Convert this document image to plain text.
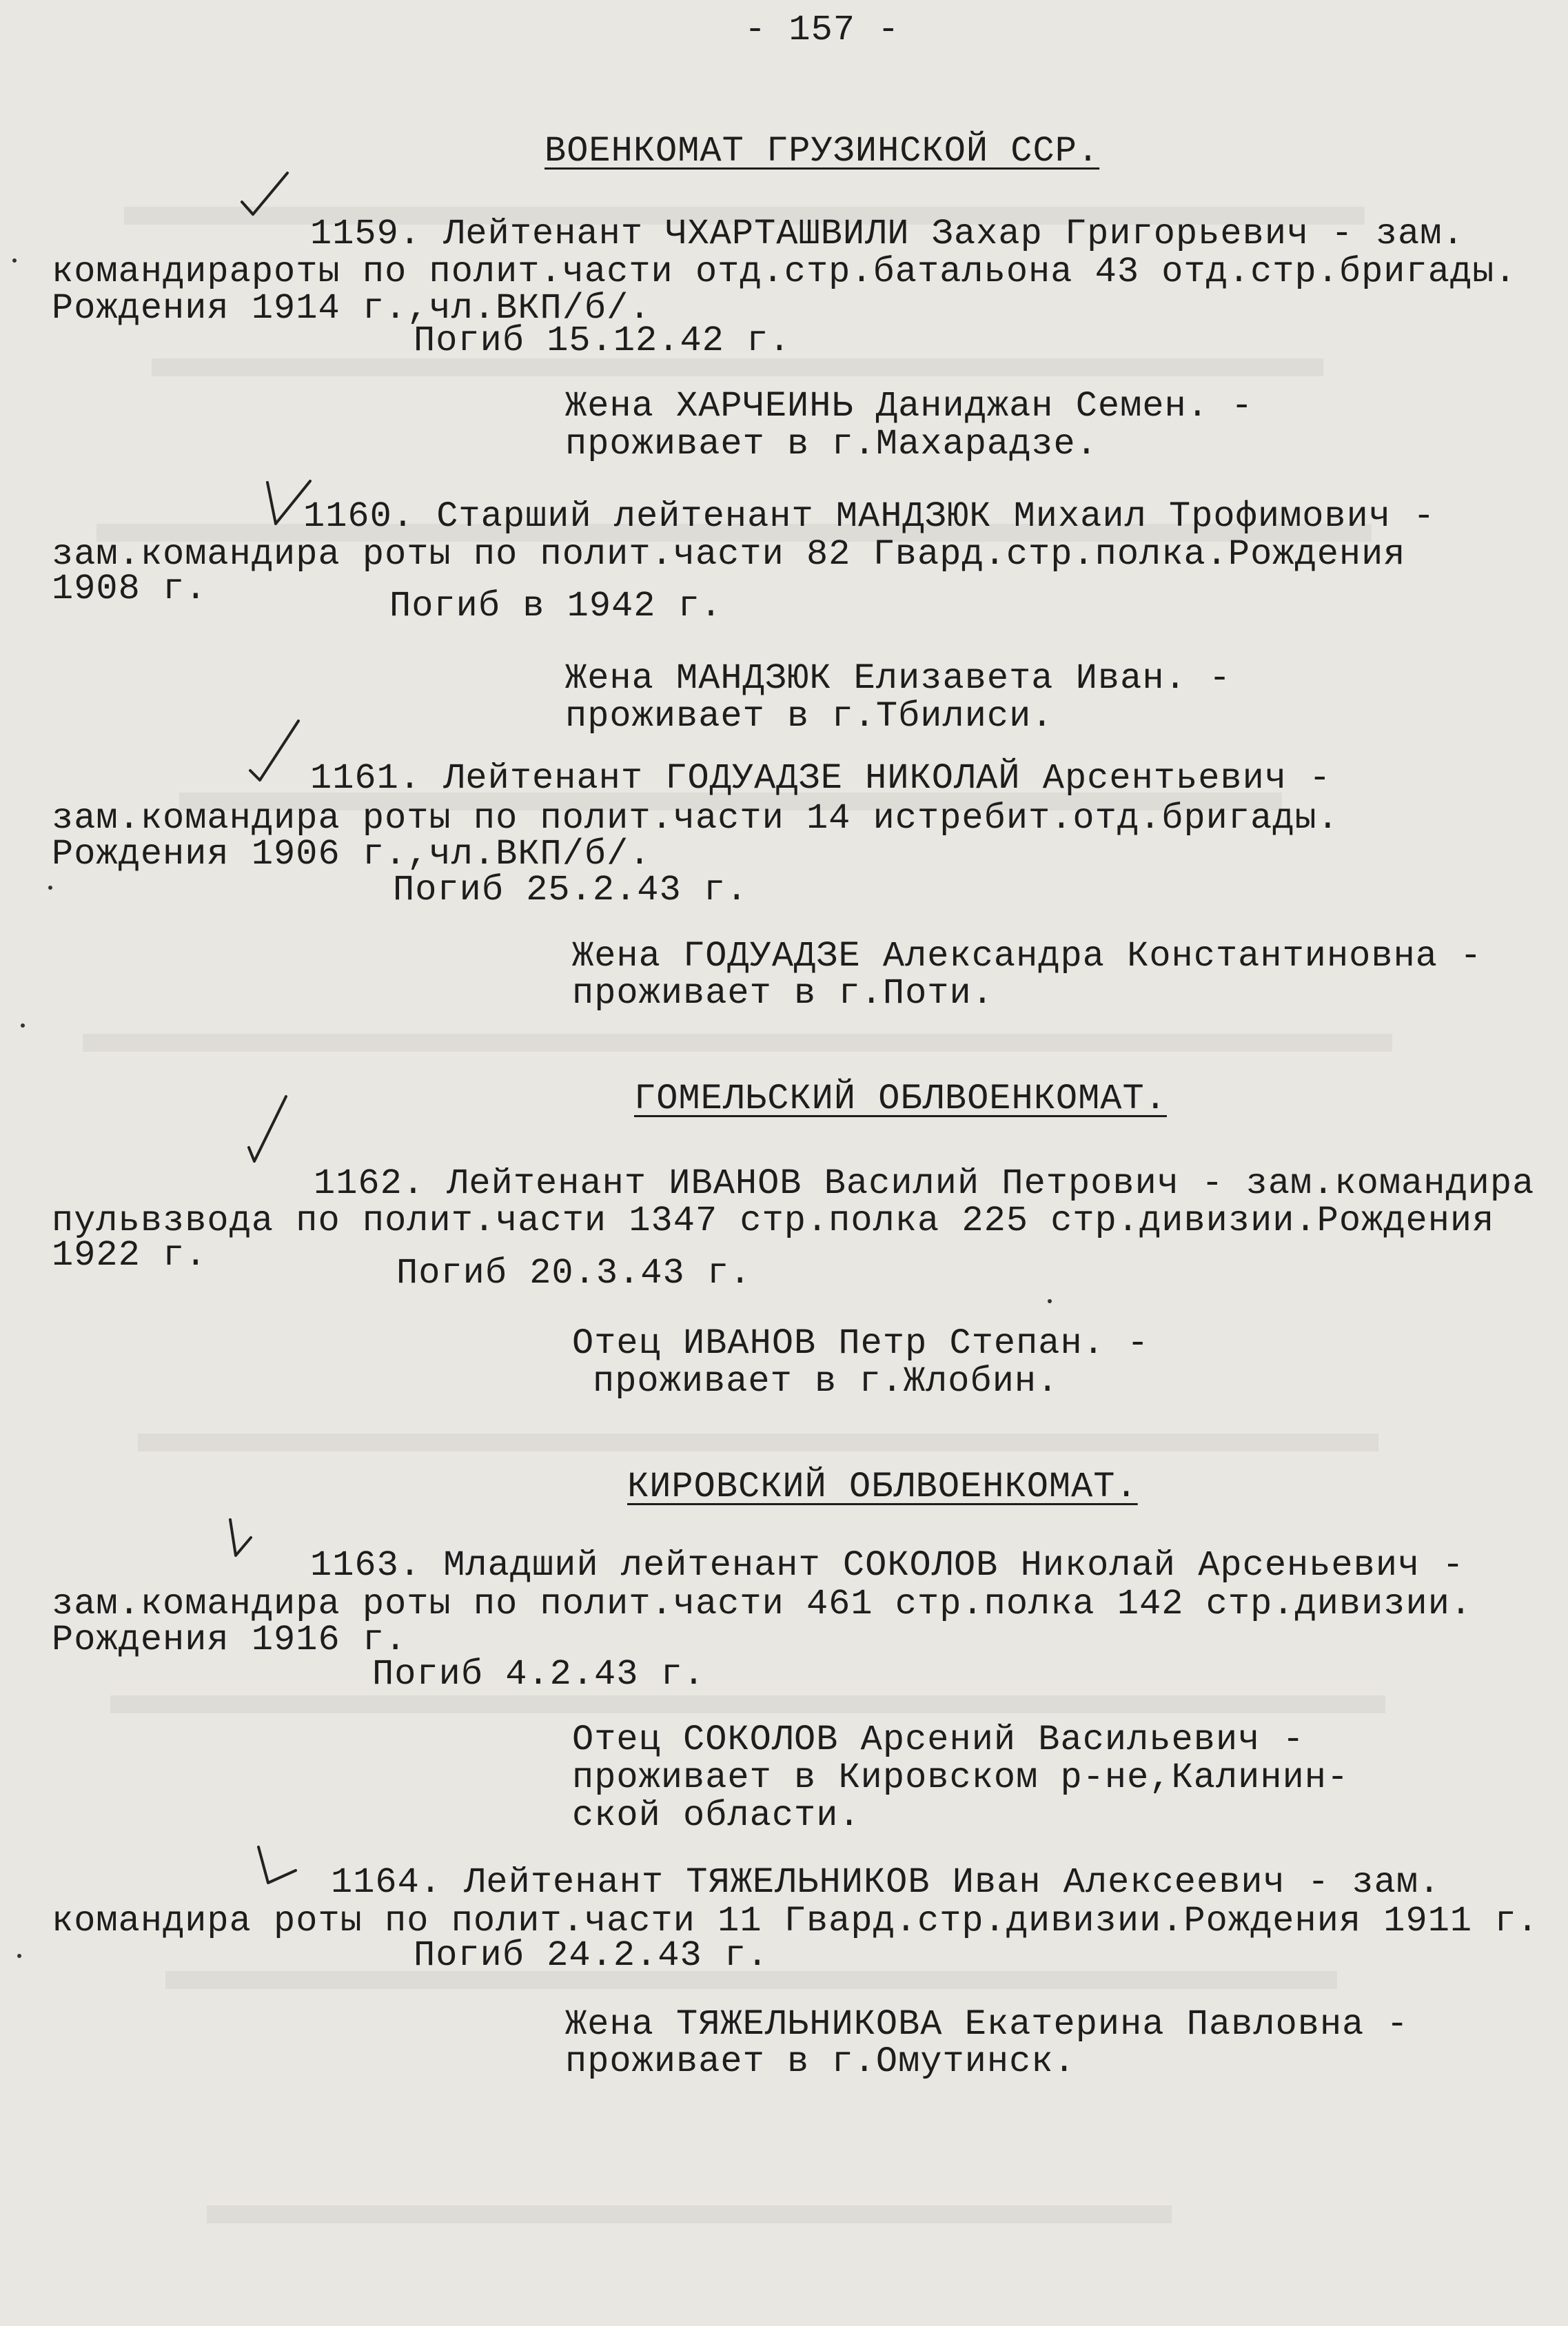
- 157 -

ВОЕНКОМАТ ГРУЗИНСКОЙ ССР.

1159. Лейтенант ЧХАРТАШВИЛИ Захар Григорьевич - зам.

командирароты по полит.части отд.стр.батальона 43 отд.стр.бригады.

Рождения 1914 г.,чл.ВКП/б/.

Погиб 15.12.42 г.

Жена ХАРЧЕИНЬ Даниджан Семен. -

проживает в г.Махарадзе.

1160. Старший лейтенант МАНДЗЮК Михаил Трофимович -

зам.командира роты по полит.части 82 Гвард.стр.полка.Рождения

1908 г.	Погиб в 1942 г.

Жена МАНДЗЮК Елизавета Иван. -

проживает в г.Тбилиси.

1161. Лейтенант ГОДУАДЗЕ НИКОЛАЙ Арсентьевич -

зам.командира роты по полит.части 14 истребит.отд.бригады.

Рождения 1906 г.,чл.ВКП/б/.

Погиб 25.2.43 г.

Жена ГОДУАДЗЕ Александра Константиновна -

проживает в г.Поти.

ГОМЕЛЬСКИЙ ОБЛВОЕНКОМАТ.

1162. Лейтенант ИВАНОВ Василий Петрович - зам.командира

пульвзвода по полит.части 1347 стр.полка 225 стр.дивизии.Рождения

1922 г.	Погиб 20.3.43 г.

Отец ИВАНОВ Петр Степан. -

проживает в г.Жлобин.

КИРОВСКИЙ ОБЛВОЕНКОМАТ.

1163. Младший лейтенант СОКОЛОВ Николай Арсеньевич -

зам.командира роты по полит.части 461 стр.полка 142 стр.дивизии.

Рождения 1916 г.

Погиб 4.2.43 г.

Отец СОКОЛОВ Арсений Васильевич -

проживает в Кировском р-не,Калинин-

ской области.

1164. Лейтенант ТЯЖЕЛЬНИКОВ Иван Алексеевич - зам.

командира роты по полит.части 11 Гвард.стр.дивизии.Рождения 1911 г.

Погиб 24.2.43 г.

Жена ТЯЖЕЛЬНИКОВА Екатерина Павловна -

проживает в г.Омутинск.
